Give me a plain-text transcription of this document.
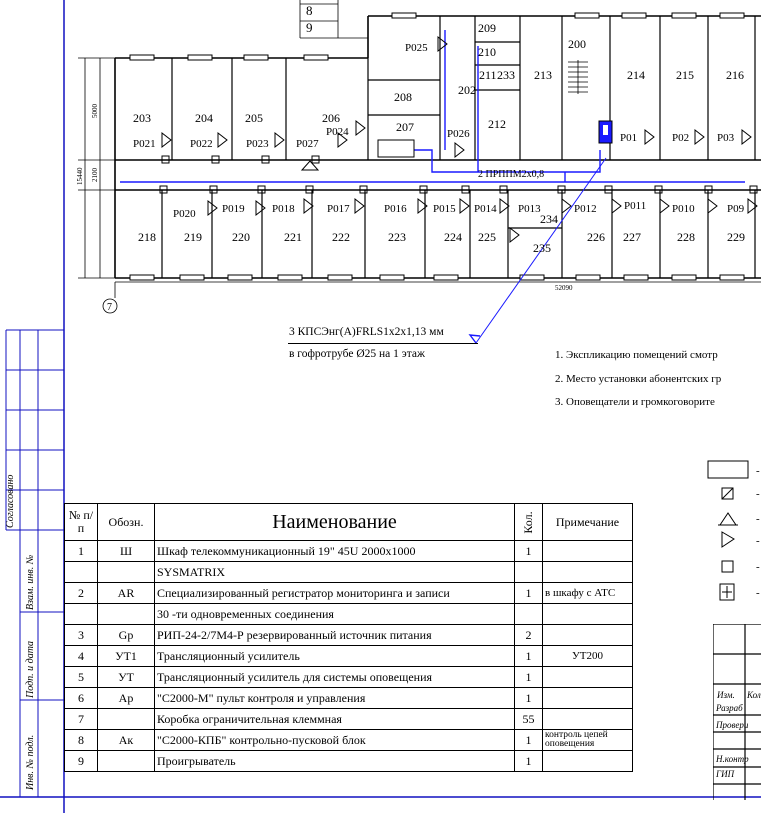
203	204	205	206
207
208
209
210
211
212
233 213
202
200
214	215	216
218 219	220	221	222	223	224 225
234
235
226 227	228	229
Р021	Р022	Р023 Р027
Р024
Р025
Р026	Р01	Р02	Р03
Р020 Р019 Р018	Р017	Р016 Р015 Р014 Р013	Р012 Р011 Р010	Р09
2 ПРППМ2x0,8
7
5000
2100
15440
52090
8
9
3 КПСЭнг(А)FRLS1x2x1,13 мм
в гофротрубе Ø25 на 1 этаж	1. Экспликацию помещений смотр
2. Место установки абонентских гр
3. Оповещатели и громкоговорите
-
-
-
-
-
-
№ п/п	Обозн.	Наименование	Кол.	Примечание
1	Ш	Шкаф телекоммуникационный 19" 45U 2000x1000	1	
		SYSMATRIX		
2	AR	Специализированный регистратор мониторинга и записи	1	в шкафу с АТС
		30 -ти одновременных соединения		
3	Gp	РИП-24-2/7М4-Р резервированный источник питания	2	
4	УТ1	Трансляционный усилитель	1	УТ200
5	УТ	Трансляционный усилитель для системы оповещения	1	
6	Ар	"С2000-М" пульт контроля и управления	1	
7		Коробка ограничительная клеммная	55	
8	Ак	"С2000-КПБ" контрольно-пусковой блок	1	контроль цепей оповещения
9		Проигрыватель	1	
Согласовано
Взам. инв. №
Подп. и дата
Инв. № подл.
Изм. Кол
Разраб
Провери
Н.контр
ГИП
